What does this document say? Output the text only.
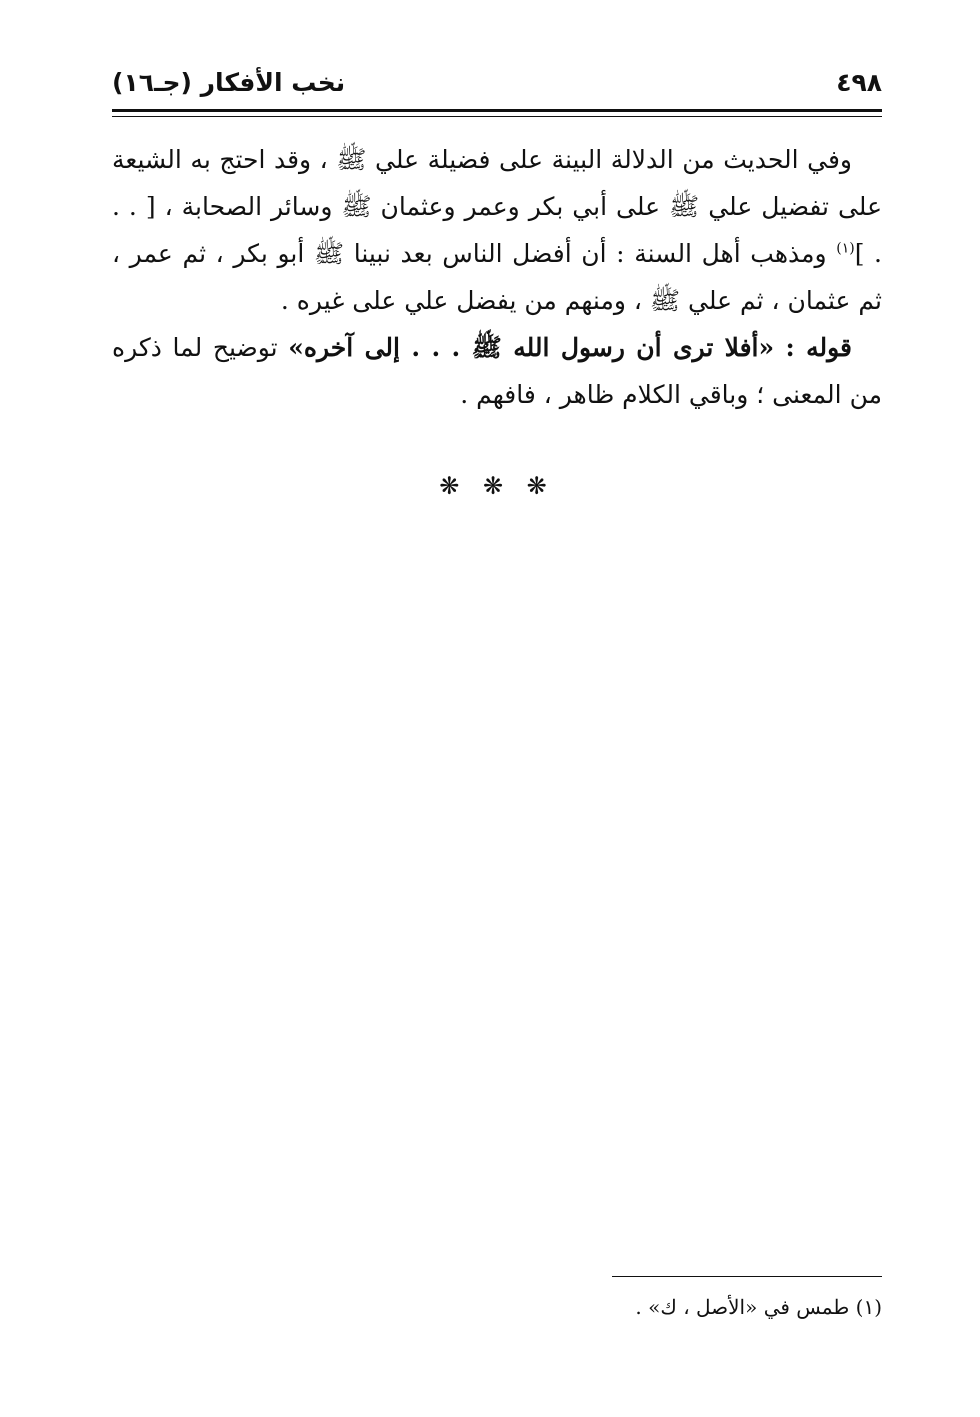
٤٩٨
نخب الأفكار (جـ١٦)

وفي الحديث من الدلالة البينة على فضيلة علي ﷺ ، وقد احتج به الشيعة على تفضيل علي ﷺ على أبي بكر وعمر وعثمان ﷺ وسائر الصحابة ، [ . . . ]$^{(١)}$ ومذهب أهل السنة : أن أفضل الناس بعد نبينا ﷺ أبو بكر ، ثم عمر ، ثم عثمان ، ثم علي ﷺ ، ومنهم من يفضل علي على غيره .

قوله : «أفلا ترى أن رسول الله ﷺ . . . إلى آخره» توضيح لما ذكره من المعنى ؛ وباقي الكلام ظاهر ، فافهم .

❋ ❋ ❋
(١) طمس في «الأصل ، ك» .
